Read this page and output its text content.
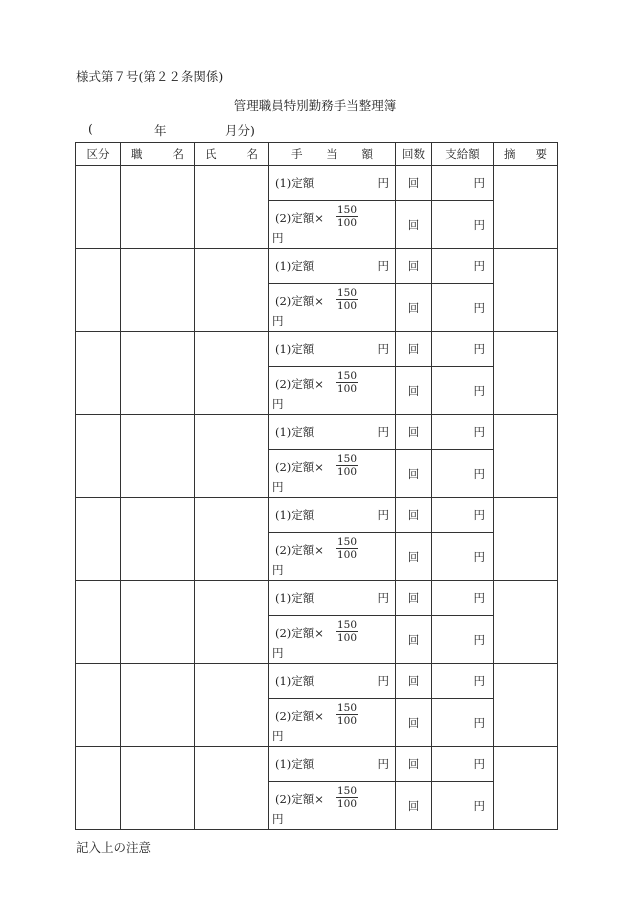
様式第７号(第２２条関係)
管理職員特別勤務手当整理簿
(	年	月分)
区分	職 名	氏 名	手 当 額	回数	支給額	摘 要

			(1)定額 円	回	円	

			(2)定額× $\frac{150}{100}$
円	回	円	

			(1)定額 円	回	円	

			(2)定額× $\frac{150}{100}$
円	回	円	

			(1)定額 円	回	円	

			(2)定額× $\frac{150}{100}$
円	回	円	

			(1)定額 円	回	円	

			(2)定額× $\frac{150}{100}$
円	回	円	

			(1)定額 円	回	円	

			(2)定額× $\frac{150}{100}$
円	回	円	

			(1)定額 円	回	円	

			(2)定額× $\frac{150}{100}$
円	回	円	

			(1)定額 円	回	円	

			(2)定額× $\frac{150}{100}$
円	回	円	

			(1)定額 円	回	円	

			(2)定額× $\frac{150}{100}$
円	回	円	
記入上の注意
